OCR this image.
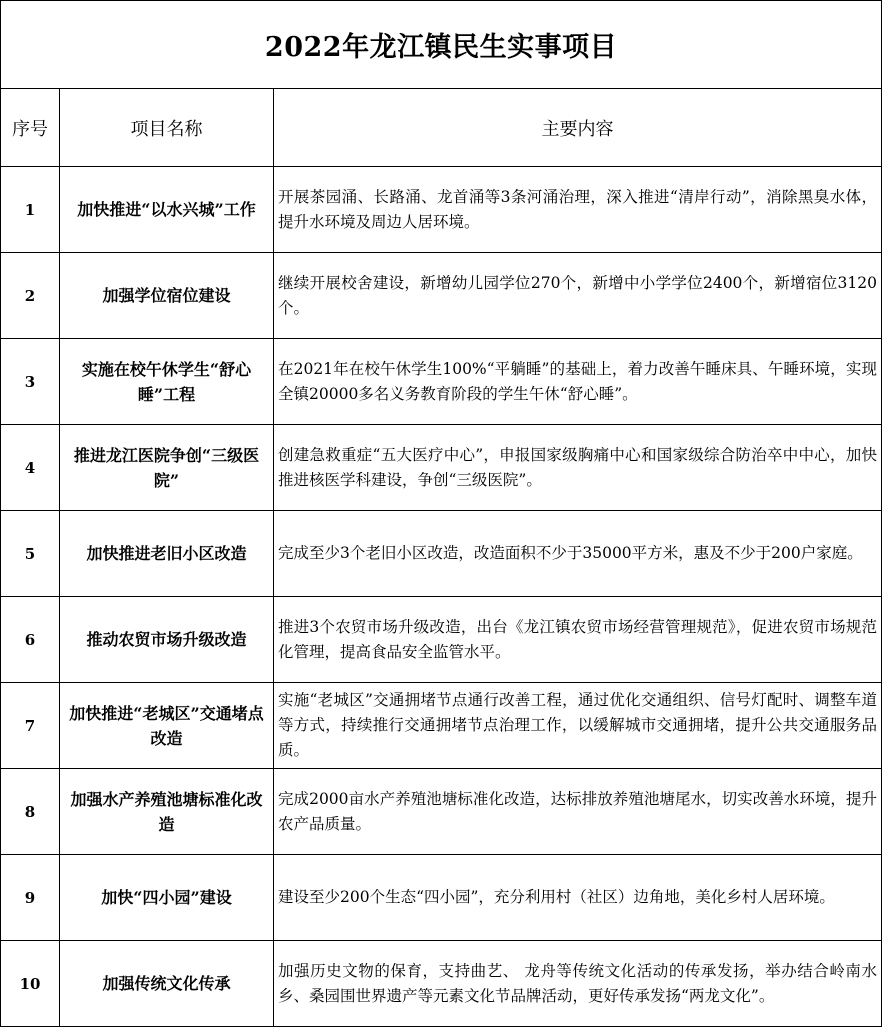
2022年龙江镇民生实事项目		
序号	项目名称	主要内容
1	加快推进“以水兴城”工作	开展茶园涌、长路涌、龙首涌等3条河涌治理，深入推进“清岸行动”，消除黑臭水体，提升水环境及周边人居环境。
2	加强学位宿位建设	继续开展校舍建设，新增幼儿园学位270个，新增中小学学位2400个，新增宿位3120个。
3	实施在校午休学生“舒心睡”工程	在2021年在校午休学生100%“平躺睡”的基础上，着力改善午睡床具、午睡环境，实现全镇20000多名义务教育阶段的学生午休“舒心睡”。
4	推进龙江医院争创“三级医院”	创建急救重症“五大医疗中心”，申报国家级胸痛中心和国家级综合防治卒中中心，加快推进核医学科建设，争创“三级医院”。
5	加快推进老旧小区改造	完成至少3个老旧小区改造，改造面积不少于35000平方米，惠及不少于200户家庭。
6	推动农贸市场升级改造	推进3个农贸市场升级改造，出台《龙江镇农贸市场经营管理规范》，促进农贸市场规范化管理，提高食品安全监管水平。
7	加快推进“老城区”交通堵点改造	实施“老城区”交通拥堵节点通行改善工程，通过优化交通组织、信号灯配时、调整车道等方式，持续推行交通拥堵节点治理工作，以缓解城市交通拥堵，提升公共交通服务品质。
8	加强水产养殖池塘标准化改造	完成2000亩水产养殖池塘标准化改造，达标排放养殖池塘尾水，切实改善水环境，提升农产品质量。
9	加快“四小园”建设	建设至少200个生态“四小园”，充分利用村（社区）边角地，美化乡村人居环境。
10	加强传统文化传承	加强历史文物的保育，支持曲艺、 龙舟等传统文化活动的传承发扬，举办结合岭南水乡、桑园围世界遗产等元素文化节品牌活动，更好传承发扬“两龙文化”。
